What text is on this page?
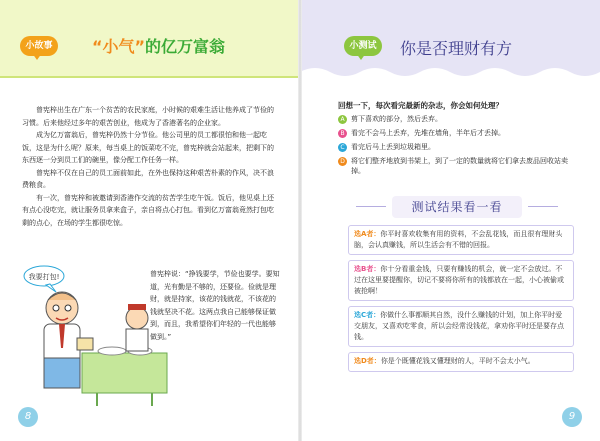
小故事	“小气”的亿万富翁

曾宪梓出生在广东一个贫苦的农民家庭，小时候的艰难生活让他养成了节俭的习惯。后来他经过多年的艰苦创业，他成为了香港著名的企业家。

成为亿万富翁后，曾宪梓仍然十分节俭。他公司里的员工都很怕和他一起吃饭，这是为什么呢？原来，每当桌上的饭菜吃不完，曾宪梓就会站起来，把剩下的东西逐一分到员工们的碗里，像分配工作任务一样。

曾宪梓不仅在自己的员工面前如此，在外也保持这种艰苦朴素的作风，决不浪费粮食。

有一次，曾宪梓和被邀请到香港作交流的贫苦学生吃午饭。饭后，他见桌上还有点心没吃完，就让服务员拿来盒子，亲自将点心打包。看到亿万富翁竟然打包吃剩的点心，在场的学生都很吃惊。

曾宪梓说：“挣钱要学，节俭也要学。要知道，光有勤是不够的，还要俭。俭就是理财，就是持家，该花的钱就花，不该花的钱就坚决不花。这两点我自己能够保证做到，而且，我希望你们年轻的一代也能够做到。”

我要打包!
8
小测试	你是否理财有方
回想一下，每次看完最新的杂志，你会如何处理？
A 剪下喜欢的部分，然后丢弃。
B 看完不会马上丢弃，先堆在墙角，半年后才丢掉。
C 看完后马上丢到垃圾箱里。
D 将它们整齐地放到书架上，到了一定的数量就将它们拿去废品回收站卖掉。
测试结果看一看
9
选A者：你平时喜欢收集有用的资料，不会乱花钱，而且很有理财头脑，会认真赚钱，所以生活会有不错的回报。
选B者：你十分看重金钱，只要有赚钱的机会，就一定不会放过。不过在这里要提醒你，切记不要将你所有的钱都放在一起，小心被偷或被抢啊！
选C者：你做什么事都顺其自然，没什么赚钱的计划，加上你平时爱交朋友，又喜欢吃零食，所以会经常没钱花，拿劝你平时还是要存点钱。
选D者：你是个既懂花钱又懂理财的人，平时不会太小气。
